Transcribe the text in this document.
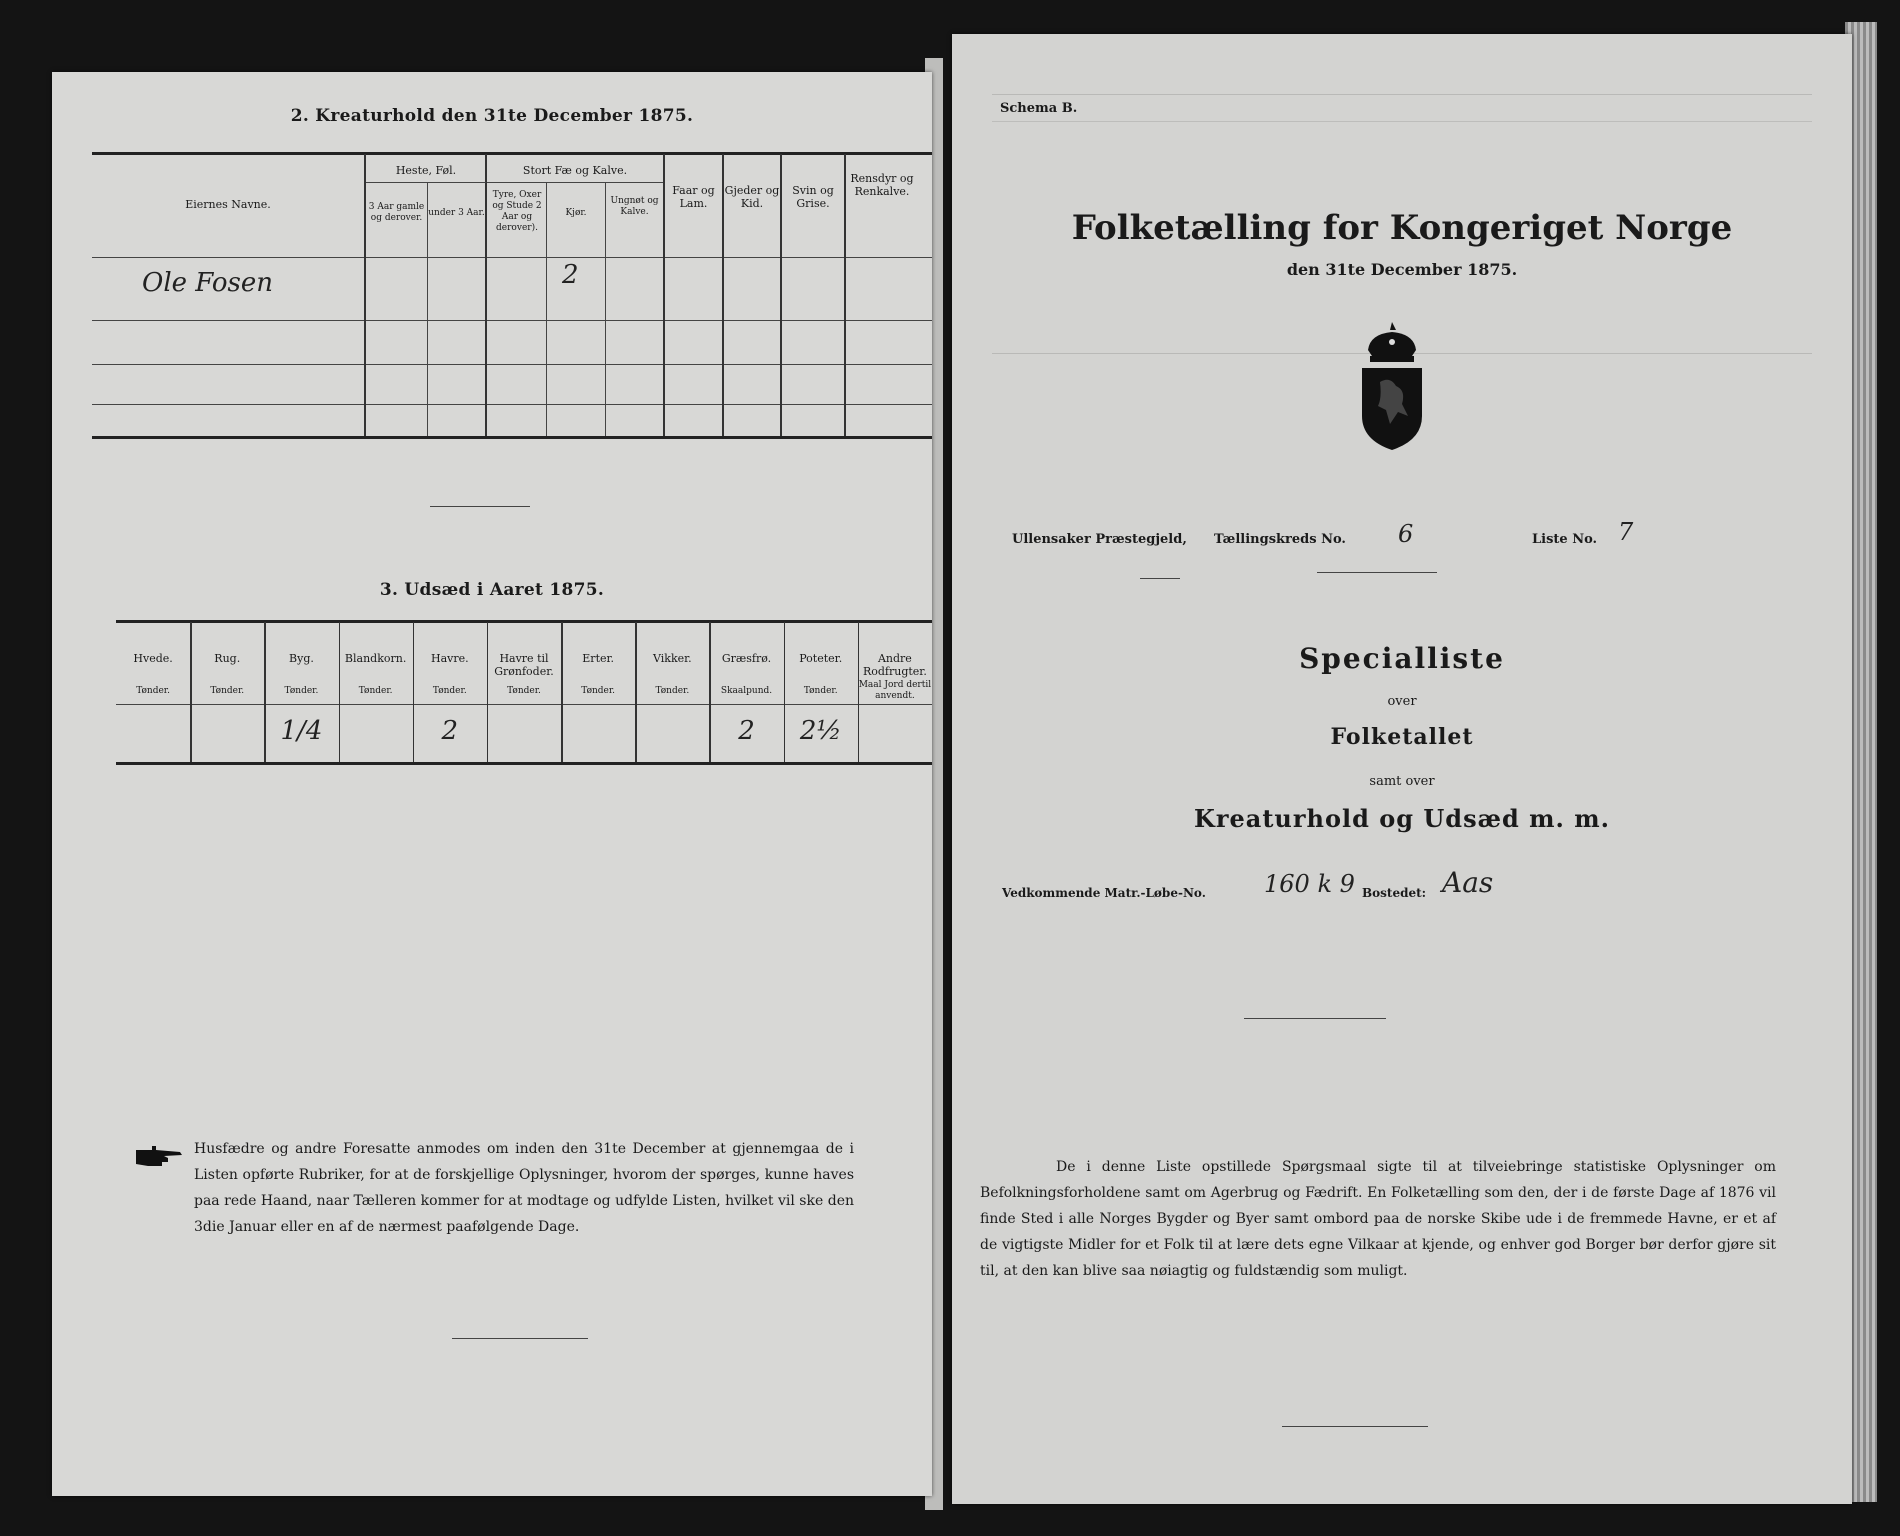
2. Kreaturhold den 31te December 1875.
Eiernes Navne.
Heste, Føl.
3 Aar gamle og derover. under 3 Aar.
Stort Fæ og Kalve.
Tyre, Oxer og Stude 2 Aar og derover).
Kjør.
Ungnøt og Kalve.
Faar og Lam.
Gjeder og Kid.
Svin og Grise.
Rensdyr og Renkalve.
Ole Fosen	2
3. Udsæd i Aaret 1875.
Hvede.
Tønder.
Rug.
Tønder.
Byg.
Tønder.
1/4
Blandkorn.
Tønder.
Havre.
Tønder.
2
Havre til Grønfoder.
Tønder.
Erter.
Tønder.
Vikker.
Tønder.
Græsfrø.
Skaalpund.
2
Poteter.
Tønder.
2½
Andre Rodfrugter.
Maal Jord dertil anvendt.
Husfædre og andre Foresatte anmodes om inden den 31te December at gjennemgaa de i Listen opførte Rubriker, for at de forskjellige Oplysninger, hvorom der spørges, kunne haves paa rede Haand, naar Tælleren kommer for at modtage og udfylde Listen, hvilket vil ske den 3die Januar eller en af de nærmest paafølgende Dage.
Schema B.
Folketælling for Kongeriget Norge
den 31te December 1875.
Ullensaker Præstegjeld, Tællingskreds No. 6	Liste No. 7
Specialliste
over
Folketallet
samt over
Kreaturhold og Udsæd m. m.
Vedkommende Matr.-Løbe-No. 160 k 9 Bostedet: Aas
De i denne Liste opstillede Spørgsmaal sigte til at tilveiebringe statistiske Oplysninger om Befolkningsforholdene samt om Agerbrug og Fædrift. En Folketælling som den, der i de første Dage af 1876 vil finde Sted i alle Norges Bygder og Byer samt ombord paa de norske Skibe ude i de fremmede Havne, er et af de vigtigste Midler for et Folk til at lære dets egne Vilkaar at kjende, og enhver god Borger bør derfor gjøre sit til, at den kan blive saa nøiagtig og fuldstændig som muligt.
